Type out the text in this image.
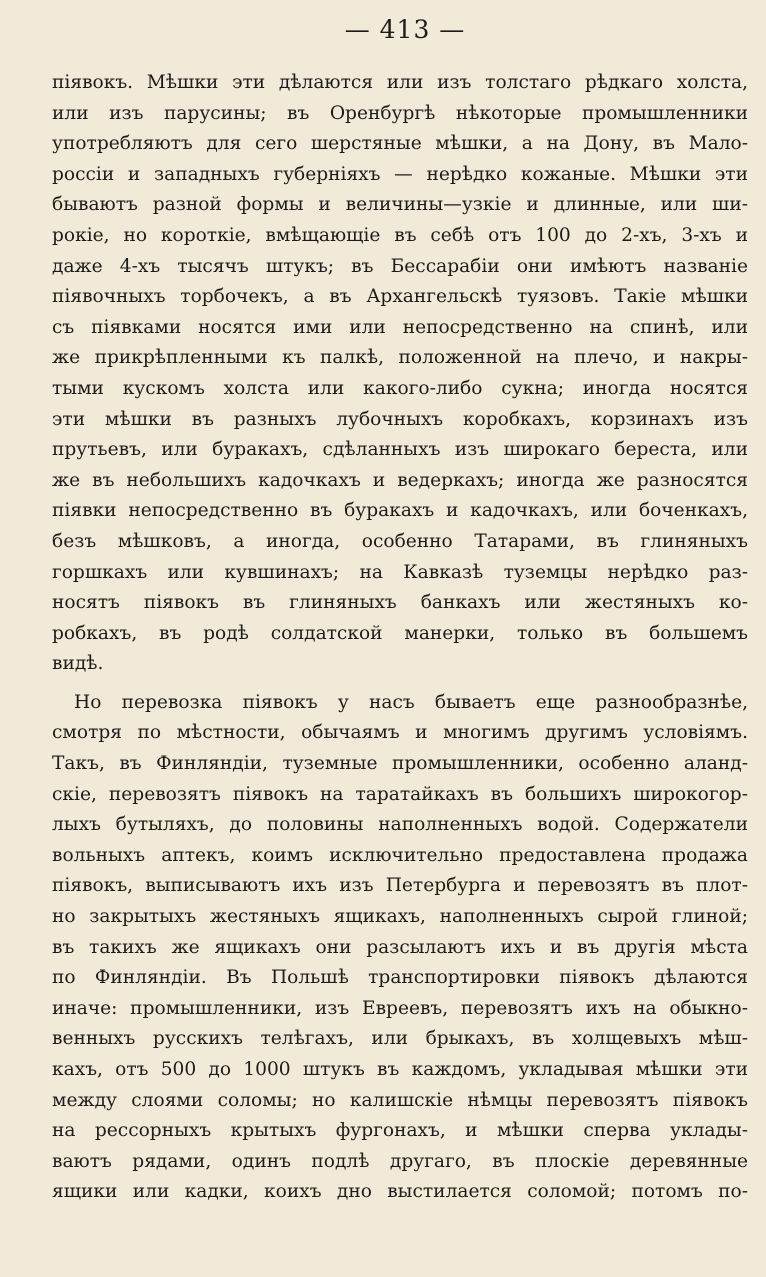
— 413 —
піявокъ. Мѣшки эти дѣлаются или изъ толстаго рѣдкаго холста,
или изъ парусины; въ Оренбургѣ нѣкоторые промышленники
употребляютъ для сего шерстяные мѣшки, а на Дону, въ Мало-
россіи и западныхъ губерніяхъ — нерѣдко кожаные. Мѣшки эти
бываютъ разной формы и величины—узкіе и длинные, или ши-
рокіе, но короткіе, вмѣщающіе въ себѣ отъ 100 до 2-хъ, 3-хъ и
даже 4-хъ тысячъ штукъ; въ Бессарабіи они имѣютъ названіе
піявочныхъ торбочекъ, а въ Архангельскѣ туязовъ. Такіе мѣшки
съ піявками носятся ими или непосредственно на спинѣ, или
же прикрѣпленными къ палкѣ, положенной на плечо, и накры-
тыми кускомъ холста или какого-либо сукна; иногда носятся
эти мѣшки въ разныхъ лубочныхъ коробкахъ, корзинахъ изъ
прутьевъ, или буракахъ, сдѣланныхъ изъ широкаго береста, или
же въ небольшихъ кадочкахъ и ведеркахъ; иногда же разносятся
піявки непосредственно въ буракахъ и кадочкахъ, или боченкахъ,
безъ мѣшковъ, а иногда, особенно Татарами, въ глиняныхъ
горшкахъ или кувшинахъ; на Кавказѣ туземцы нерѣдко раз-
носятъ піявокъ въ глиняныхъ банкахъ или жестяныхъ ко-
робкахъ, въ родѣ солдатской манерки, только въ большемъ
видѣ.
Но перевозка піявокъ у насъ бываетъ еще разнообразнѣе,
смотря по мѣстности, обычаямъ и многимъ другимъ условіямъ.
Такъ, въ Финляндіи, туземные промышленники, особенно аланд-
скіе, перевозятъ піявокъ на таратайкахъ въ большихъ широкогор-
лыхъ бутыляхъ, до половины наполненныхъ водой. Содержатели
вольныхъ аптекъ, коимъ исключительно предоставлена продажа
піявокъ, выписываютъ ихъ изъ Петербурга и перевозятъ въ плот-
но закрытыхъ жестяныхъ ящикахъ, наполненныхъ сырой глиной;
въ такихъ же ящикахъ они разсылаютъ ихъ и въ другія мѣста
по Финляндіи. Въ Польшѣ транспортировки піявокъ дѣлаются
иначе: промышленники, изъ Евреевъ, перевозятъ ихъ на обыкно-
венныхъ русскихъ телѣгахъ, или брыкахъ, въ холщевыхъ мѣш-
кахъ, отъ 500 до 1000 штукъ въ каждомъ, укладывая мѣшки эти
между слоями соломы; но калишскіе нѣмцы перевозятъ піявокъ
на рессорныхъ крытыхъ фургонахъ, и мѣшки сперва уклады-
ваютъ рядами, одинъ подлѣ другаго, въ плоскіе деревянные
ящики или кадки, коихъ дно выстилается соломой; потомъ по-
